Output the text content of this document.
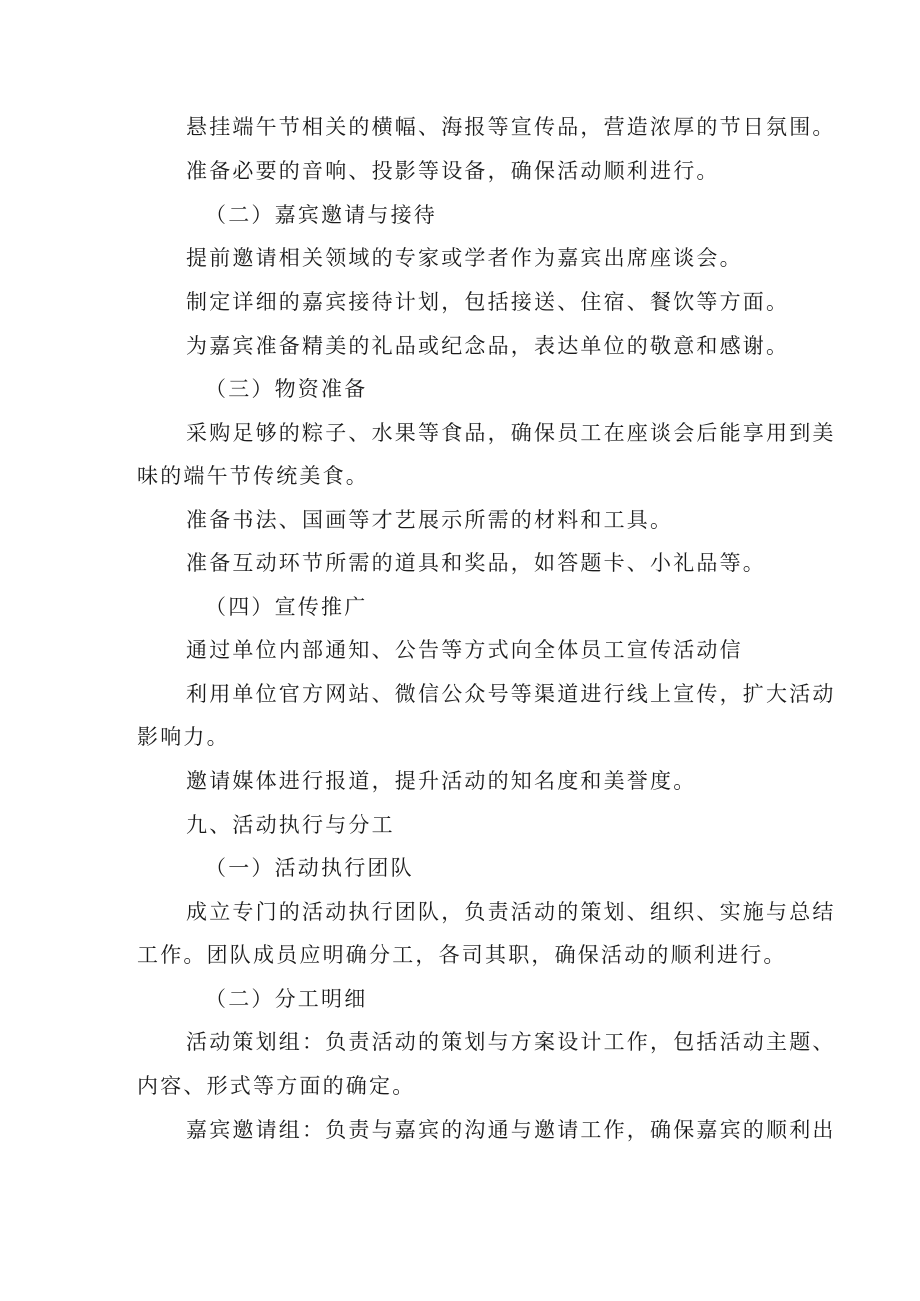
悬挂端午节相关的横幅、海报等宣传品，营造浓厚的节日氛围。
准备必要的音响、投影等设备，确保活动顺利进行。
（二）嘉宾邀请与接待
提前邀请相关领域的专家或学者作为嘉宾出席座谈会。
制定详细的嘉宾接待计划，包括接送、住宿、餐饮等方面。
为嘉宾准备精美的礼品或纪念品，表达单位的敬意和感谢。
（三）物资准备
采购足够的粽子、水果等食品，确保员工在座谈会后能享用到美
味的端午节传统美食。
准备书法、国画等才艺展示所需的材料和工具。
准备互动环节所需的道具和奖品，如答题卡、小礼品等。
（四）宣传推广
通过单位内部通知、公告等方式向全体员工宣传活动信
利用单位官方网站、微信公众号等渠道进行线上宣传，扩大活动
影响力。
邀请媒体进行报道，提升活动的知名度和美誉度。
九、活动执行与分工
（一）活动执行团队
成立专门的活动执行团队，负责活动的策划、组织、实施与总结
工作。团队成员应明确分工，各司其职，确保活动的顺利进行。
（二）分工明细
活动策划组：负责活动的策划与方案设计工作，包括活动主题、
内容、形式等方面的确定。
嘉宾邀请组：负责与嘉宾的沟通与邀请工作，确保嘉宾的顺利出
